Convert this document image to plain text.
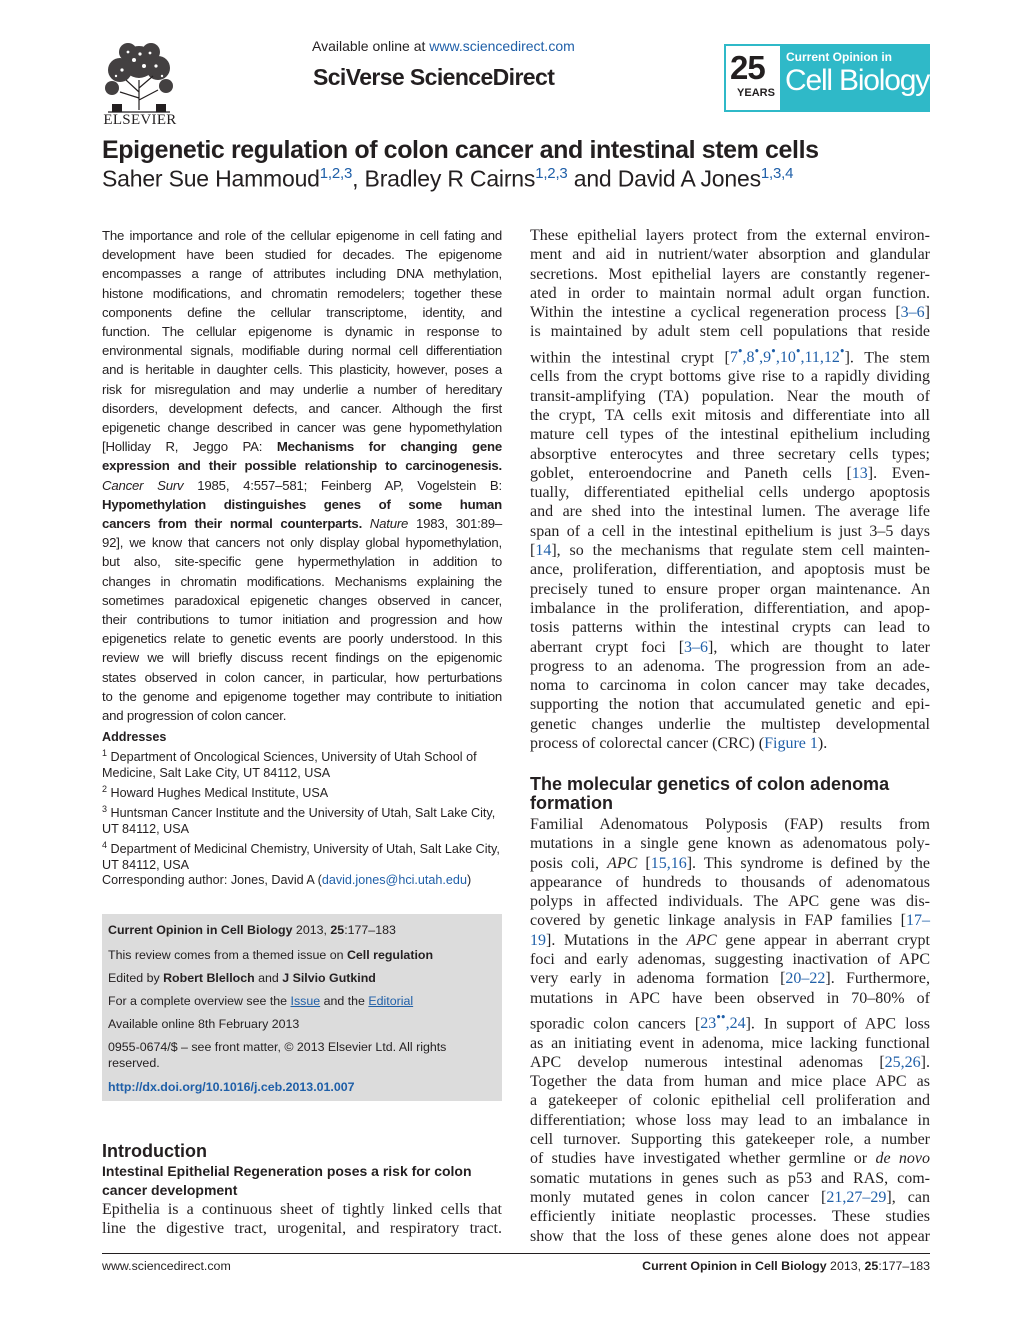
ELSEVIER
Available online at www.sciencedirect.com
SciVerse ScienceDirect	25
YEARS
Current Opinion in
Cell Biology
Epigenetic regulation of colon cancer and intestinal stem cells
Saher Sue Hammoud$^{1,2,3}$, Bradley R Cairns$^{1,2,3}$ and David A Jones$^{1,3,4}$
The importance and role of the cellular epigenome in cell fating and
development have been studied for decades. The epigenome
encompasses a range of attributes including DNA methylation,
histone modifications, and chromatin remodelers; together these
components define the cellular transcriptome, identity, and
function. The cellular epigenome is dynamic in response to
environmental signals, modifiable during normal cell differentiation
and is heritable in daughter cells. This plasticity, however, poses a
risk for misregulation and may underlie a number of hereditary
disorders, development defects, and cancer. Although the first
epigenetic change described in cancer was gene hypomethylation
[Holliday R, Jeggo PA: Mechanisms for changing gene
expression and their possible relationship to carcinogenesis.
Cancer Surv 1985, 4:557–581; Feinberg AP, Vogelstein B:
Hypomethylation distinguishes genes of some human
cancers from their normal counterparts. Nature 1983, 301:89–
92], we know that cancers not only display global hypomethylation,
but also, site-specific gene hypermethylation in addition to
changes in chromatin modifications. Mechanisms explaining the
sometimes paradoxical epigenetic changes observed in cancer,
their contributions to tumor initiation and progression and how
epigenetics relate to genetic events are poorly understood. In this
review we will briefly discuss recent findings on the epigenomic
states observed in colon cancer, in particular, how perturbations
to the genome and epigenome together may contribute to initiation
and progression of colon cancer.
Addresses
$^1$ Department of Oncological Sciences, University of Utah School of
Medicine, Salt Lake City, UT 84112, USA
$^2$ Howard Hughes Medical Institute, USA
$^3$ Huntsman Cancer Institute and the University of Utah, Salt Lake City,
UT 84112, USA
$^4$ Department of Medicinal Chemistry, University of Utah, Salt Lake City,
UT 84112, USA
Corresponding author: Jones, David A (david.jones@hci.utah.edu)
Current Opinion in Cell Biology 2013, 25:177–183
This review comes from a themed issue on Cell regulation
Edited by Robert Blelloch and J Silvio Gutkind
For a complete overview see the Issue and the Editorial
Available online 8th February 2013
0955-0674/$ – see front matter, © 2013 Elsevier Ltd. All rights
reserved.
http://dx.doi.org/10.1016/j.ceb.2013.01.007
Introduction
Intestinal Epithelial Regeneration poses a risk for colon cancer development
Epithelia is a continuous sheet of tightly linked cells that
line the digestive tract, urogenital, and respiratory tract.
These epithelial layers protect from the external environ-
ment and aid in nutrient/water absorption and glandular
secretions. Most epithelial layers are constantly regener-
ated in order to maintain normal adult organ function.
Within the intestine a cyclical regeneration process [3–6]
is maintained by adult stem cell populations that reside
within the intestinal crypt [7•,8•,9•,10•,11,12•]. The stem
cells from the crypt bottoms give rise to a rapidly dividing
transit-amplifying (TA) population. Near the mouth of
the crypt, TA cells exit mitosis and differentiate into all
mature cell types of the intestinal epithelium including
absorptive enterocytes and three secretary cells types;
goblet, enteroendocrine and Paneth cells [13]. Even-
tually, differentiated epithelial cells undergo apoptosis
and are shed into the intestinal lumen. The average life
span of a cell in the intestinal epithelium is just 3–5 days
[14], so the mechanisms that regulate stem cell mainten-
ance, proliferation, differentiation, and apoptosis must be
precisely tuned to ensure proper organ maintenance. An
imbalance in the proliferation, differentiation, and apop-
tosis patterns within the intestinal crypts can lead to
aberrant crypt foci [3–6], which are thought to later
progress to an adenoma. The progression from an ade-
noma to carcinoma in colon cancer may take decades,
supporting the notion that accumulated genetic and epi-
genetic changes underlie the multistep developmental
process of colorectal cancer (CRC) (Figure 1).
The molecular genetics of colon adenoma formation
Familial Adenomatous Polyposis (FAP) results from
mutations in a single gene known as adenomatous poly-
posis coli, APC [15,16]. This syndrome is defined by the
appearance of hundreds to thousands of adenomatous
polyps in affected individuals. The APC gene was dis-
covered by genetic linkage analysis in FAP families [17–
19]. Mutations in the APC gene appear in aberrant crypt
foci and early adenomas, suggesting inactivation of APC
very early in adenoma formation [20–22]. Furthermore,
mutations in APC have been observed in 70–80% of
sporadic colon cancers [23••,24]. In support of APC loss
as an initiating event in adenoma, mice lacking functional
APC develop numerous intestinal adenomas [25,26].
Together the data from human and mice place APC as
a gatekeeper of colonic epithelial cell proliferation and
differentiation; whose loss may lead to an imbalance in
cell turnover. Supporting this gatekeeper role, a number
of studies have investigated whether germline or de novo
somatic mutations in genes such as p53 and RAS, com-
monly mutated genes in colon cancer [21,27–29], can
efficiently initiate neoplastic processes. These studies
show that the loss of these genes alone does not appear
www.sciencedirect.com	Current Opinion in Cell Biology 2013, 25:177–183
